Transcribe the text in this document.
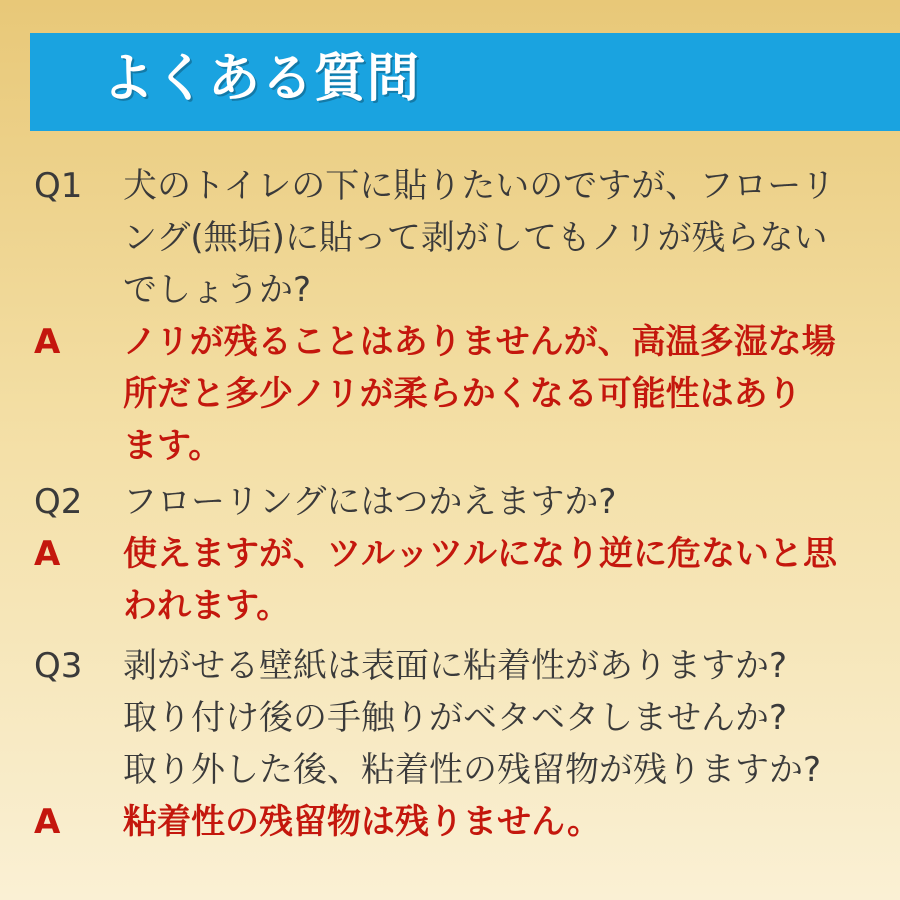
よくある質問
Q1	犬のトイレの下に貼りたいのですが、フローリ
ング(無垢)に貼って剥がしてもノリが残らない
でしょうか?
A	ノリが残ることはありませんが、高温多湿な場
所だと多少ノリが柔らかくなる可能性はあり
ます。
Q2	フローリングにはつかえますか?
A	使えますが、ツルッツルになり逆に危ないと思
われます。
Q3	剥がせる壁紙は表面に粘着性がありますか?
取り付け後の手触りがベタベタしませんか?
取り外した後、粘着性の残留物が残りますか?
A	粘着性の残留物は残りません。
